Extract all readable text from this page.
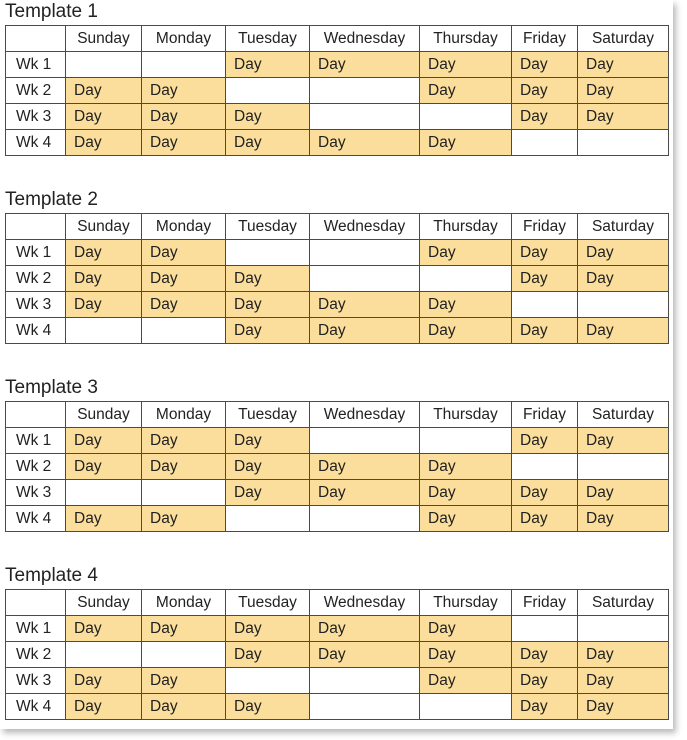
Template 1
	Sunday	Monday	Tuesday	Wednesday	Thursday	Friday	Saturday
Wk 1			Day	Day	Day	Day	Day
Wk 2	Day	Day			Day	Day	Day
Wk 3	Day	Day	Day			Day	Day
Wk 4	Day	Day	Day	Day	Day		
Template 2
	Sunday	Monday	Tuesday	Wednesday	Thursday	Friday	Saturday
Wk 1	Day	Day			Day	Day	Day
Wk 2	Day	Day	Day			Day	Day
Wk 3	Day	Day	Day	Day	Day		
Wk 4			Day	Day	Day	Day	Day
Template 3
	Sunday	Monday	Tuesday	Wednesday	Thursday	Friday	Saturday
Wk 1	Day	Day	Day			Day	Day
Wk 2	Day	Day	Day	Day	Day		
Wk 3			Day	Day	Day	Day	Day
Wk 4	Day	Day			Day	Day	Day
Template 4
	Sunday	Monday	Tuesday	Wednesday	Thursday	Friday	Saturday
Wk 1	Day	Day	Day	Day	Day		
Wk 2			Day	Day	Day	Day	Day
Wk 3	Day	Day			Day	Day	Day
Wk 4	Day	Day	Day			Day	Day
